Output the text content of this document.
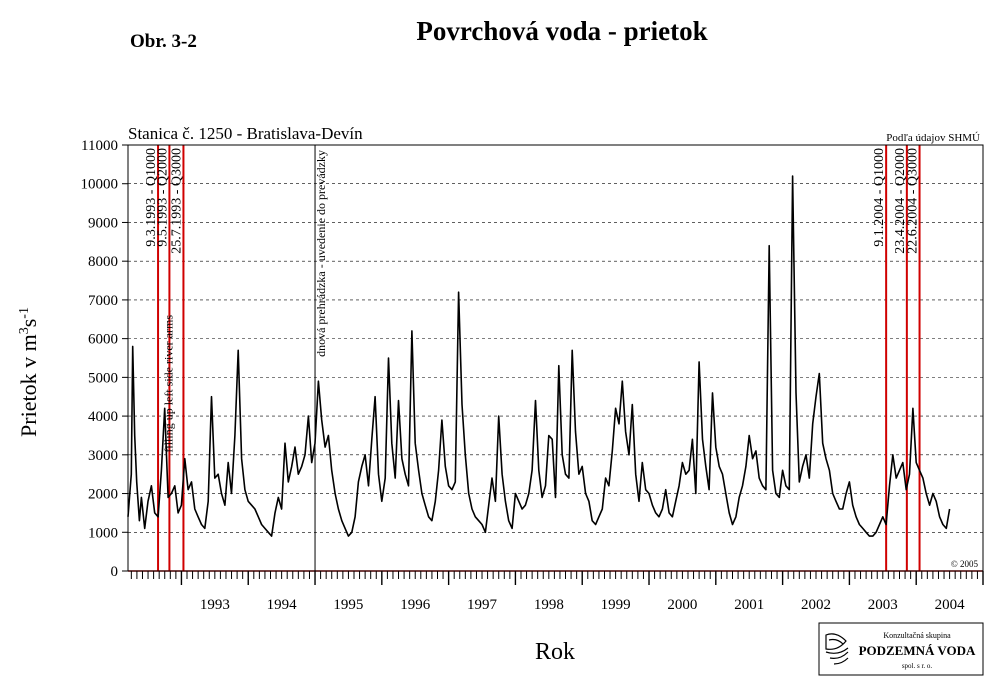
Obr. 3-2	Povrchová voda - prietok
Stanica č. 1250 - Bratislava-Devín	Podľa údajov SHMÚ
9.3.1993 - Q1000
9.5.1993 - Q2000 25.7.1993 - Q3000	9.1.2004 - Q1000 23.4.2004 - Q2000
22.6.2004 - Q3000
filling up left side river arms
dnová prehrádzka - uvedenie do prevádzky
0
1000
2000
3000
4000
5000
6000
7000
8000
9000
10000
11000
1993 1994 1995 1996 1997 1998 1999 2000 2001 2002 2003 2004
© 2005
Prietok v $m^3s^{-1}$
Rok
Konzultačná skupina
PODZEMNÁ VODA
spol. s r. o.
